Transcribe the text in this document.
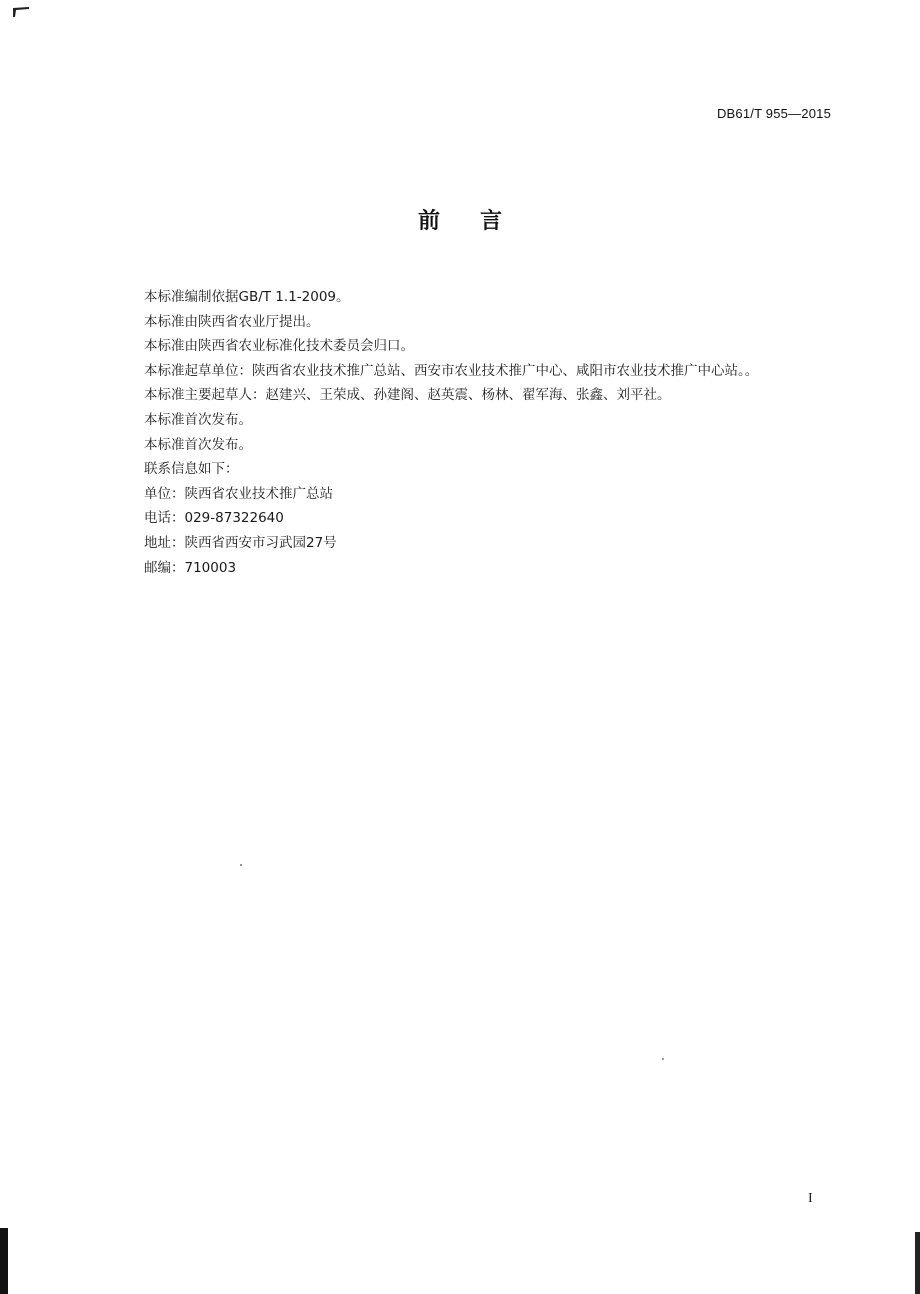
DB61/T 955—2015
前言

本标准编制依据GB/T 1.1-2009。

本标准由陕西省农业厅提出。

本标准由陕西省农业标准化技术委员会归口。

本标准起草单位：陕西省农业技术推广总站、西安市农业技术推广中心、咸阳市农业技术推广中心站。。

本标准主要起草人：赵建兴、王荣成、孙建阁、赵英震、杨林、翟军海、张鑫、刘平社。

本标准首次发布。

本标准首次发布。

联系信息如下：

单位：陕西省农业技术推广总站

电话：029-87322640

地址：陕西省西安市习武园27号

邮编：710003

I
